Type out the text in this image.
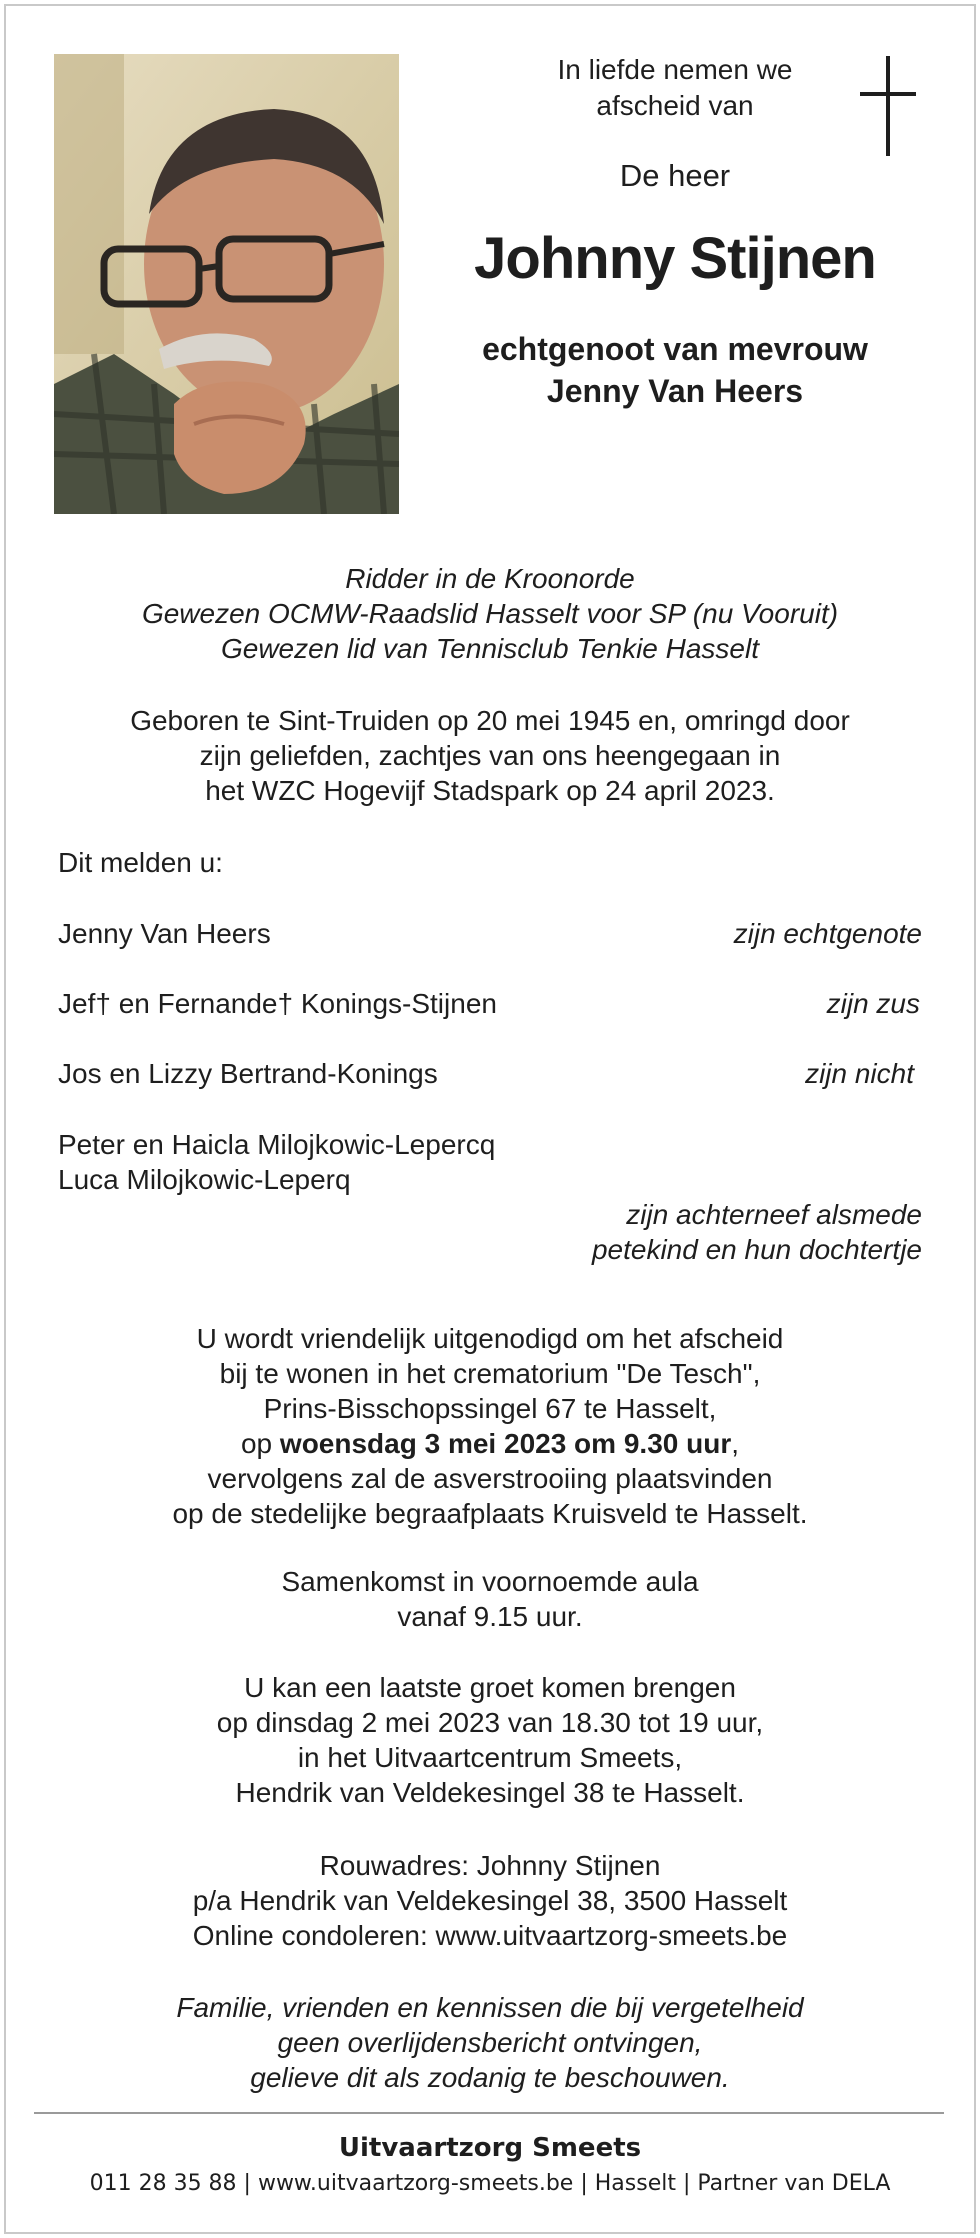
In liefde nemen we
afscheid van
De heer
Johnny Stijnen
echtgenoot van mevrouw
Jenny Van Heers
Ridder in de Kroonorde
Gewezen OCMW-Raadslid Hasselt voor SP (nu Vooruit)
Gewezen lid van Tennisclub Tenkie Hasselt
Geboren te Sint-Truiden op 20 mei 1945 en, omringd door
zijn geliefden, zachtjes van ons heengegaan in
het WZC Hogevijf Stadspark op 24 april 2023.
Dit melden u:
Jenny Van Heers	zijn echtgenote
Jef† en Fernande† Konings-Stijnen	zijn zus
Jos en Lizzy Bertrand-Konings	zijn nicht
Peter en Haicla Milojkowic-Lepercq
Luca Milojkowic-Leperq
zijn achterneef alsmede
petekind en hun dochtertje
U wordt vriendelijk uitgenodigd om het afscheid
bij te wonen in het crematorium "De Tesch",
Prins-Bisschopssingel 67 te Hasselt,
op woensdag 3 mei 2023 om 9.30 uur,
vervolgens zal de asverstrooiing plaatsvinden
op de stedelijke begraafplaats Kruisveld te Hasselt.
Samenkomst in voornoemde aula
vanaf 9.15 uur.
U kan een laatste groet komen brengen
op dinsdag 2 mei 2023 van 18.30 tot 19 uur,
in het Uitvaartcentrum Smeets,
Hendrik van Veldekesingel 38 te Hasselt.
Rouwadres: Johnny Stijnen
p/a Hendrik van Veldekesingel 38, 3500 Hasselt
Online condoleren: www.uitvaartzorg-smeets.be
Familie, vrienden en kennissen die bij vergetelheid
geen overlijdensbericht ontvingen,
gelieve dit als zodanig te beschouwen.
Uitvaartzorg Smeets
011 28 35 88 | www.uitvaartzorg-smeets.be | Hasselt | Partner van DELA
